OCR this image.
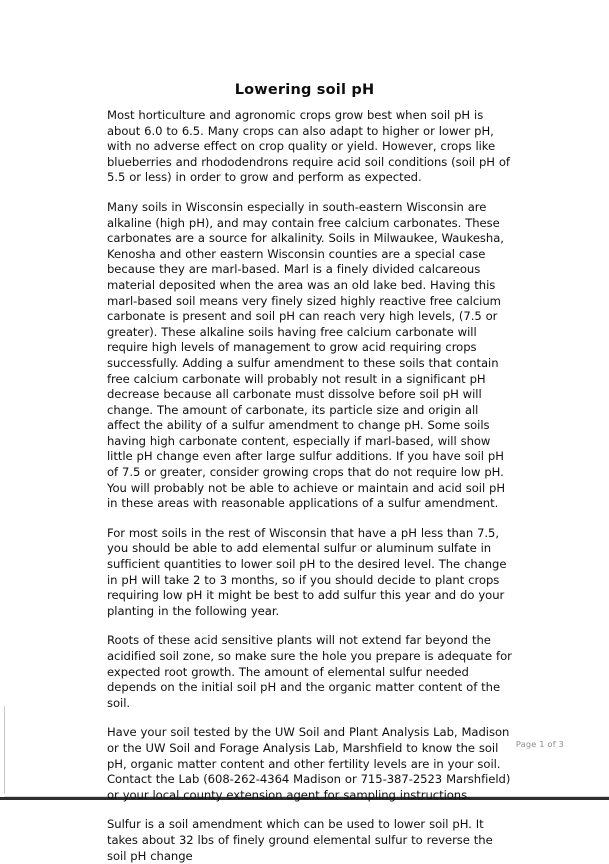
Lowering soil pH

Most horticulture and agronomic crops grow best when soil pH is about 6.0 to 6.5. Many crops can also adapt to higher or lower pH, with no adverse effect on crop quality or yield. However, crops like blueberries and rhododendrons require acid soil conditions (soil pH of 5.5 or less) in order to grow and perform as expected.

Many soils in Wisconsin especially in south-eastern Wisconsin are alkaline (high pH), and may contain free calcium carbonates. These carbonates are a source for alkalinity. Soils in Milwaukee, Waukesha, Kenosha and other eastern Wisconsin counties are a special case because they are marl-based. Marl is a finely divided calcareous material deposited when the area was an old lake bed. Having this marl-based soil means very finely sized highly reactive free calcium carbonate is present and soil pH can reach very high levels, (7.5 or greater). These alkaline soils having free calcium carbonate will require high levels of management to grow acid requiring crops successfully. Adding a sulfur amendment to these soils that contain free calcium carbonate will probably not result in a significant pH decrease because all carbonate must dissolve before soil pH will change. The amount of carbonate, its particle size and origin all affect the ability of a sulfur amendment to change pH. Some soils having high carbonate content, especially if marl-based, will show little pH change even after large sulfur additions. If you have soil pH of 7.5 or greater, consider growing crops that do not require low pH. You will probably not be able to achieve or maintain and acid soil pH in these areas with reasonable applications of a sulfur amendment.

For most soils in the rest of Wisconsin that have a pH less than 7.5, you should be able to add elemental sulfur or aluminum sulfate in sufficient quantities to lower soil pH to the desired level. The change in pH will take 2 to 3 months, so if you should decide to plant crops requiring low pH it might be best to add sulfur this year and do your planting in the following year.

Roots of these acid sensitive plants will not extend far beyond the acidified soil zone, so make sure the hole you prepare is adequate for expected root growth. The amount of elemental sulfur needed depends on the initial soil pH and the organic matter content of the soil.

Have your soil tested by the UW Soil and Plant Analysis Lab, Madison or the UW Soil and Forage Analysis Lab, Marshfield to know the soil pH, organic matter content and other fertility levels are in your soil. Contact the Lab (608-262-4364 Madison or 715-387-2523 Marshfield) or your local county extension agent for sampling instructions.

Sulfur is a soil amendment which can be used to lower soil pH. It takes about 32 lbs of finely ground elemental sulfur to reverse the soil pH change

Page 1 of 3
